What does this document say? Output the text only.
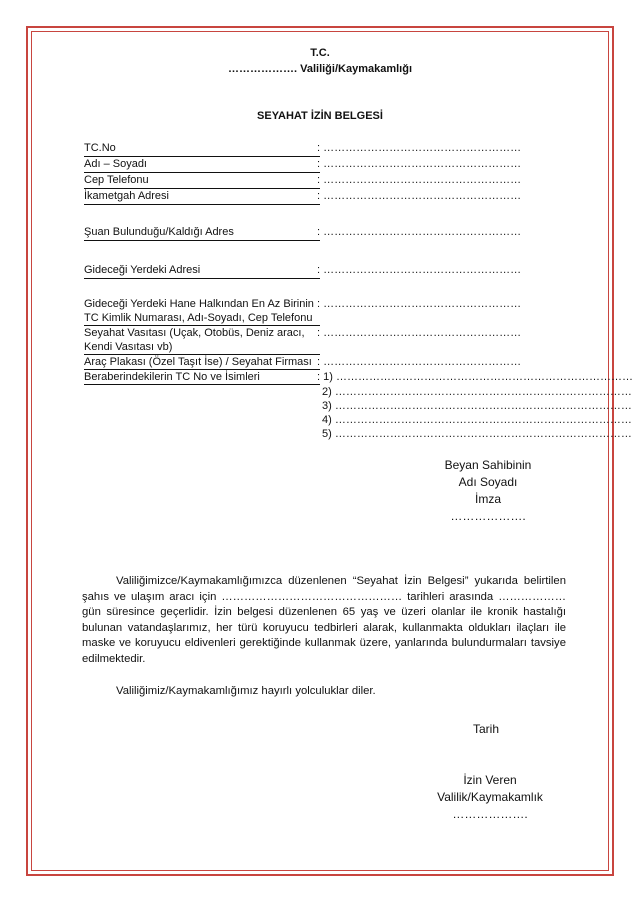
T.C.
………………. Valiliği/Kaymakamlığı
SEYAHAT İZİN BELGESİ
TC.No	: ………………………………………………
Adı – Soyadı	: ………………………………………………
Cep Telefonu	: ………………………………………………
İkametgah Adresi	: ………………………………………………
Şuan Bulunduğu/Kaldığı Adres	: ………………………………………………
Gideceği Yerdeki Adresi	: ………………………………………………
Gideceği Yerdeki Hane Halkından En Az Birinin
TC Kimlik Numarası, Adı-Soyadı, Cep Telefonu
: ………………………………………………
Seyahat Vasıtası (Uçak, Otobüs, Deniz aracı,
Kendi Vasıtası vb)
: ………………………………………………
Araç Plakası (Özel Taşıt İse) / Seyahat Firması : ………………………………………………
Beraberindekilerin TC No ve İsimleri	: 1) ………………………………………………………………………
2) ………………………………………………………………………
3) ………………………………………………………………………
4) ………………………………………………………………………
5) ………………………………………………………………………
Beyan Sahibinin
Adı Soyadı
İmza
……………….

Valiliğimizce/Kaymakamlığımızca düzenlenen “Seyahat İzin Belgesi” yukarıda belirtilen şahıs ve ulaşım aracı için ………………………………………… tarihleri arasında ……………… gün süresince geçerlidir. İzin belgesi düzenlenen 65 yaş ve üzeri olanlar ile kronik hastalığı bulunan vatandaşlarımız, her türü koruyucu tedbirleri alarak, kullanmakta oldukları ilaçları ile maske ve koruyucu eldivenleri gerektiğinde kullanmak üzere, yanlarında bulundurmaları tavsiye edilmektedir.

Valiliğimiz/Kaymakamlığımız hayırlı yolculuklar diler.

Tarih
İzin Veren
Valilik/Kaymakamlık
……………….
